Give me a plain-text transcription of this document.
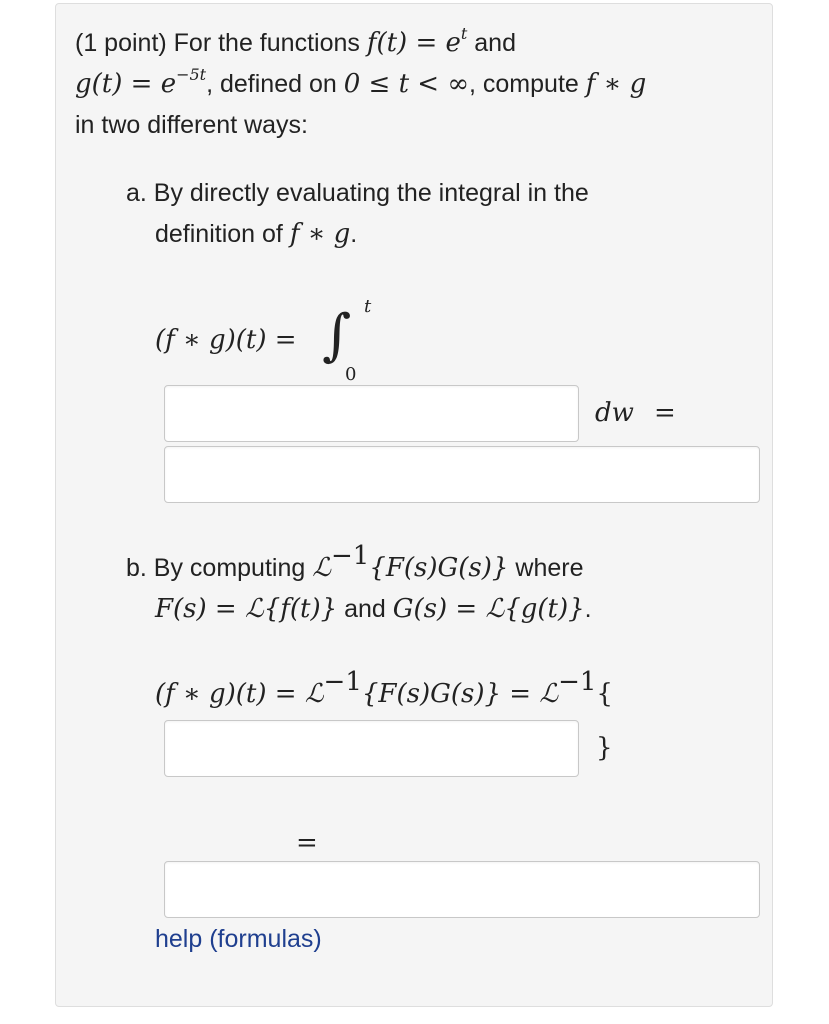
(1 point) For the functions $f(t) = e^t$ and
$g(t) = e^{-5t}$, defined on 0 ≤ t < ∞, compute f ∗ g
in two different ways:
a. By directly evaluating the integral in the
definition of f ∗ g.
(f ∗ g)(t) = ∫ t
0
dw =
b. By computing ℒ$^{-1}${F(s)G(s)} where
F(s) = ℒ{f(t)} and G(s) = ℒ{g(t)}.
(f ∗ g)(t) = ℒ$^{-1}${F(s)G(s)} = ℒ$^{-1}${
}
=
help (formulas)
